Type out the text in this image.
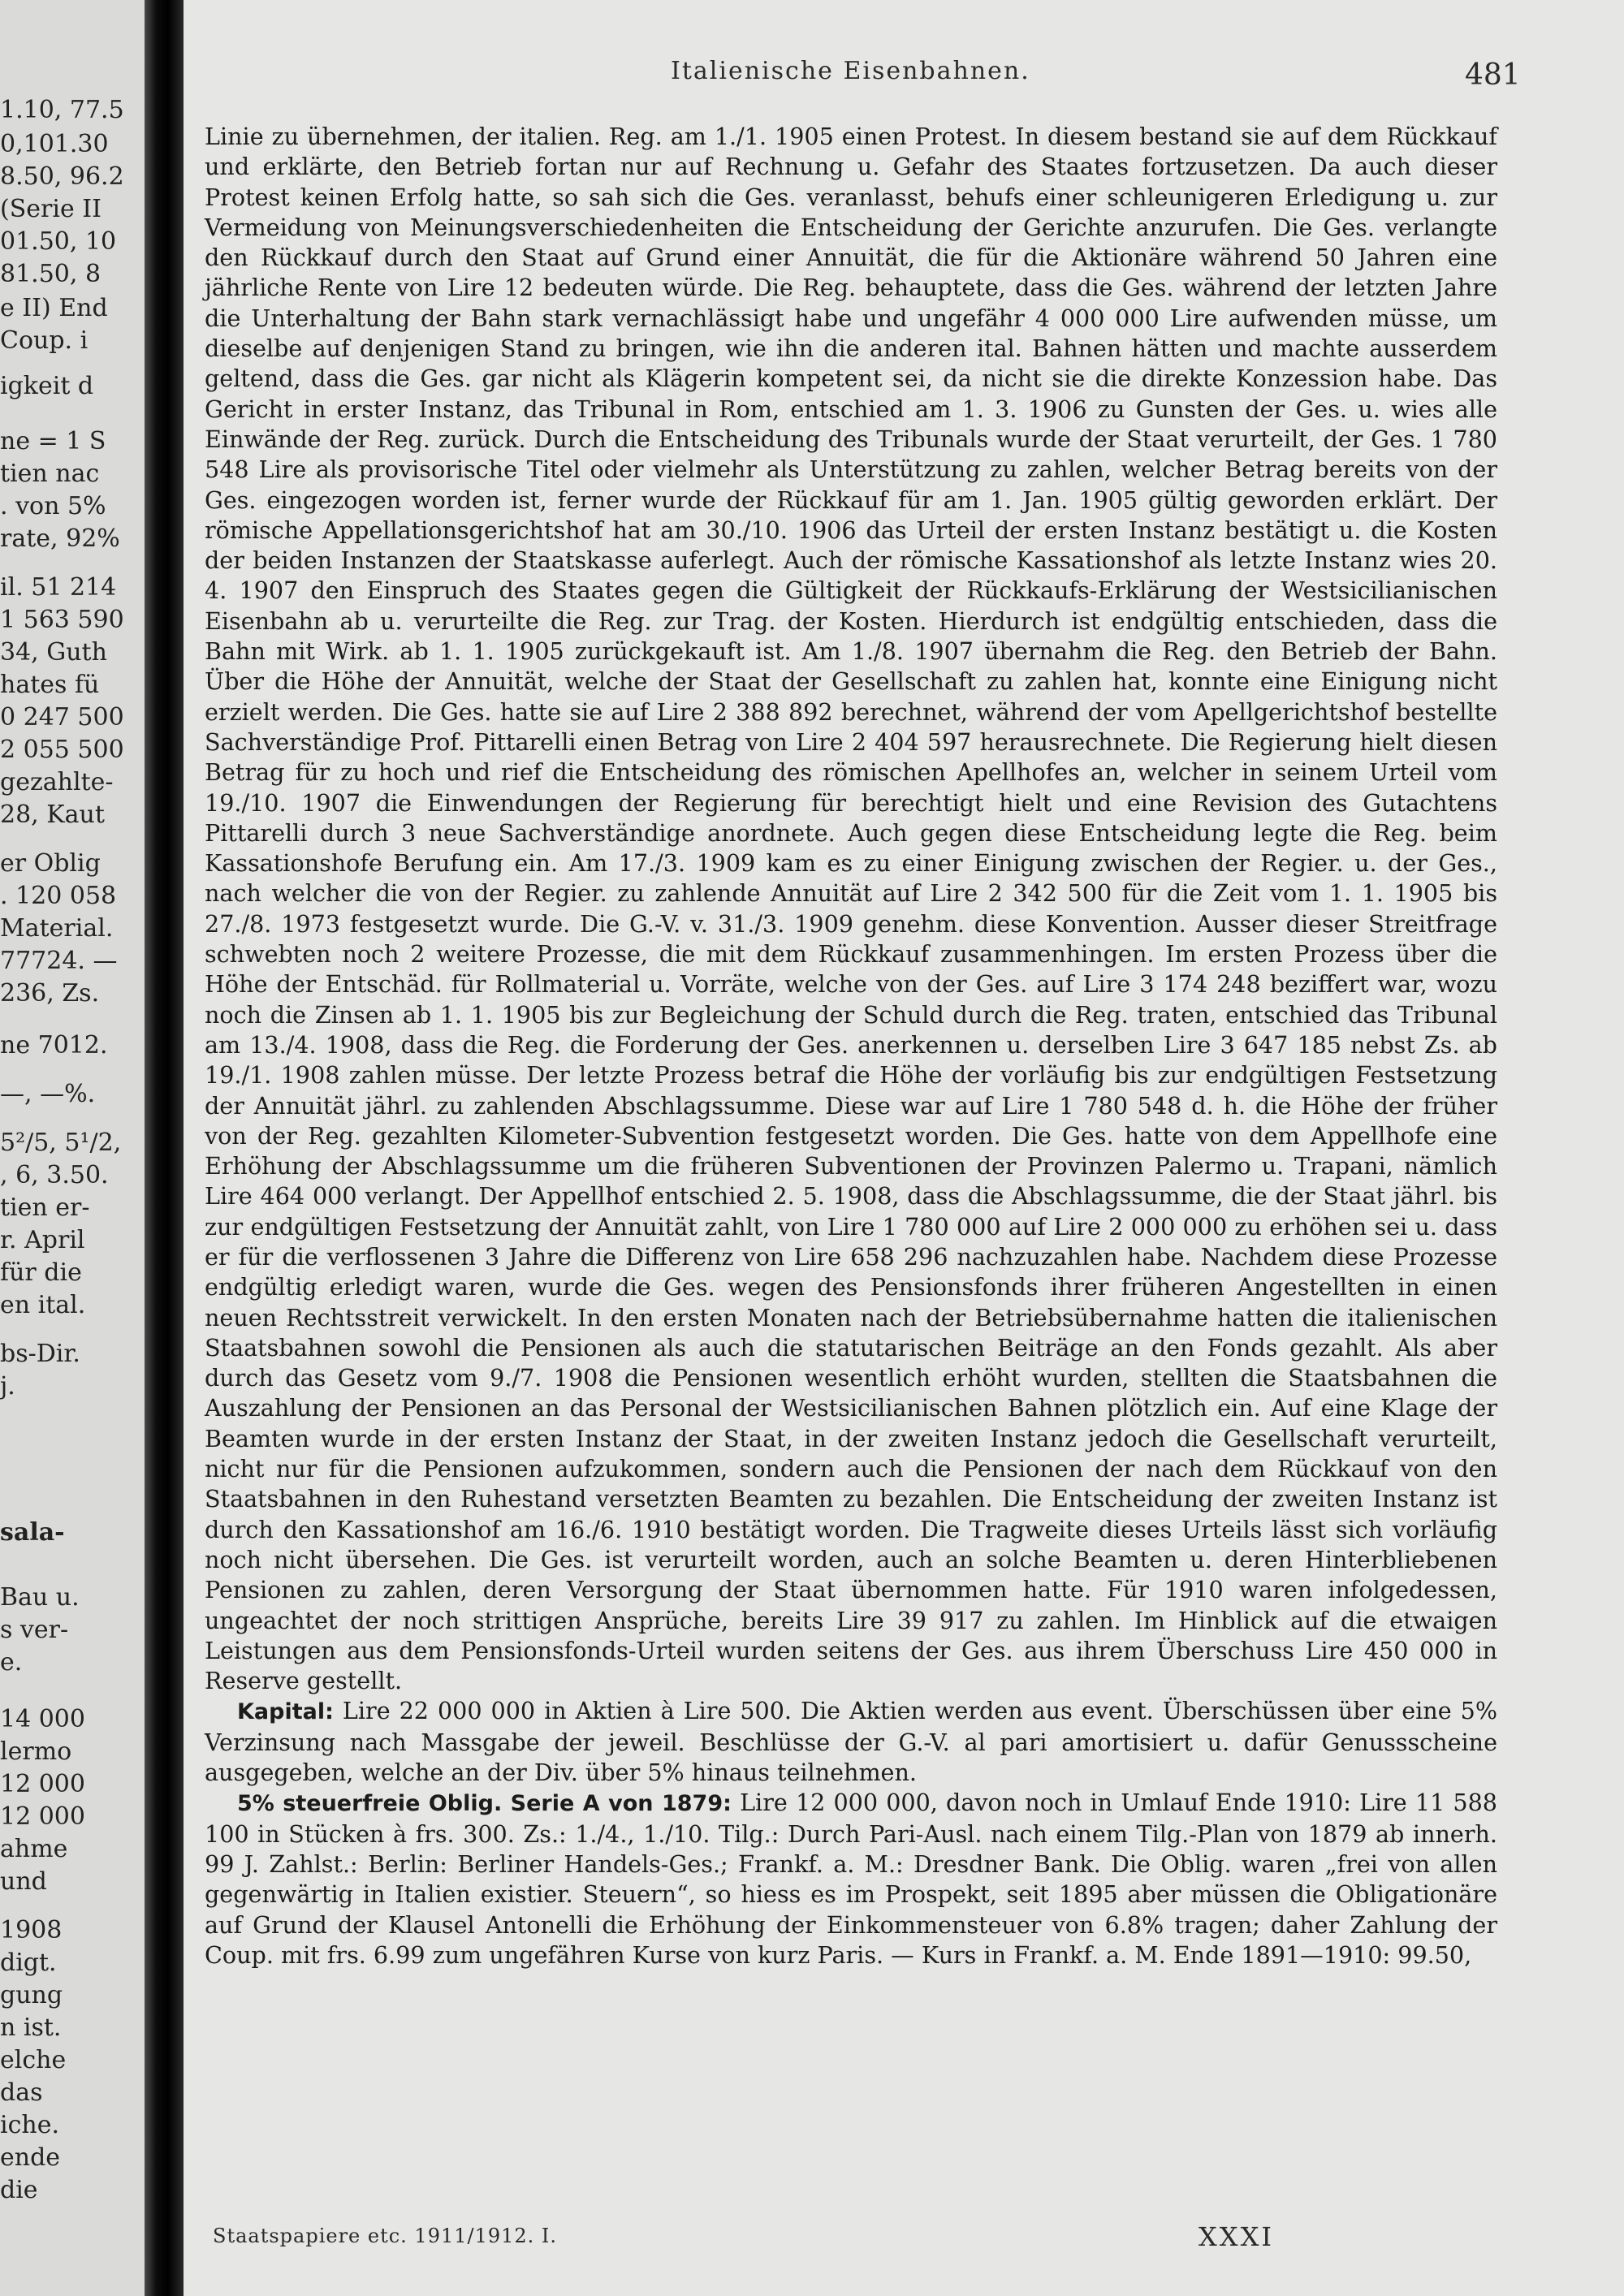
1.10, 77.5
0,101.30
8.50, 96.2
(Serie II
01.50, 10
81.50, 8
e II) End
Coup. i
igkeit d
ne = 1 S
tien nac
. von 5%
rate, 92%
il. 51 214
1 563 590
34, Guth
hates fü
0 247 500
2 055 500
gezahlte-
28, Kaut
er Oblig
. 120 058
Material.
77724. —
236, Zs.
ne 7012.
—, —%.
5²/5, 5¹/2,
, 6, 3.50.
tien er-
r. April
für die
en ital.
bs-Dir.
j.
sala-
Bau u.
s ver-
e.
14 000
lermo
12 000
12 000
ahme
und
1908
digt.
gung
n ist.
elche
das
iche.
ende
die
Italienische Eisenbahnen.	481

Linie zu übernehmen, der italien. Reg. am 1./1. 1905 einen Protest. In diesem bestand sie auf dem Rückkauf und erklärte, den Betrieb fortan nur auf Rechnung u. Gefahr des Staates fortzusetzen. Da auch dieser Protest keinen Erfolg hatte, so sah sich die Ges. veranlasst, behufs einer schleunigeren Erledigung u. zur Vermeidung von Meinungsverschiedenheiten die Entscheidung der Gerichte anzurufen. Die Ges. verlangte den Rückkauf durch den Staat auf Grund einer Annuität, die für die Aktionäre während 50 Jahren eine jährliche Rente von Lire 12 bedeuten würde. Die Reg. behauptete, dass die Ges. während der letzten Jahre die Unterhaltung der Bahn stark vernachlässigt habe und ungefähr 4 000 000 Lire aufwenden müsse, um dieselbe auf denjenigen Stand zu bringen, wie ihn die anderen ital. Bahnen hätten und machte ausserdem geltend, dass die Ges. gar nicht als Klägerin kompetent sei, da nicht sie die direkte Konzession habe. Das Gericht in erster Instanz, das Tribunal in Rom, entschied am 1. 3. 1906 zu Gunsten der Ges. u. wies alle Einwände der Reg. zurück. Durch die Entscheidung des Tribunals wurde der Staat verurteilt, der Ges. 1 780 548 Lire als provisorische Titel oder vielmehr als Unterstützung zu zahlen, welcher Betrag bereits von der Ges. eingezogen worden ist, ferner wurde der Rückkauf für am 1. Jan. 1905 gültig geworden erklärt. Der römische Appellationsgerichtshof hat am 30./10. 1906 das Urteil der ersten Instanz bestätigt u. die Kosten der beiden Instanzen der Staatskasse auferlegt. Auch der römische Kassationshof als letzte Instanz wies 20. 4. 1907 den Einspruch des Staates gegen die Gültigkeit der Rückkaufs-Erklärung der Westsicilianischen Eisenbahn ab u. verurteilte die Reg. zur Trag. der Kosten. Hierdurch ist endgültig entschieden, dass die Bahn mit Wirk. ab 1. 1. 1905 zurückgekauft ist. Am 1./8. 1907 übernahm die Reg. den Betrieb der Bahn. Über die Höhe der Annuität, welche der Staat der Gesellschaft zu zahlen hat, konnte eine Einigung nicht erzielt werden. Die Ges. hatte sie auf Lire 2 388 892 berechnet, während der vom Apellgerichtshof bestellte Sachverständige Prof. Pittarelli einen Betrag von Lire 2 404 597 herausrechnete. Die Regierung hielt diesen Betrag für zu hoch und rief die Entscheidung des römischen Apellhofes an, welcher in seinem Urteil vom 19./10. 1907 die Einwendungen der Regierung für berechtigt hielt und eine Revision des Gutachtens Pittarelli durch 3 neue Sachverständige anordnete. Auch gegen diese Entscheidung legte die Reg. beim Kassationshofe Berufung ein. Am 17./3. 1909 kam es zu einer Einigung zwischen der Regier. u. der Ges., nach welcher die von der Regier. zu zahlende Annuität auf Lire 2 342 500 für die Zeit vom 1. 1. 1905 bis 27./8. 1973 festgesetzt wurde. Die G.-V. v. 31./3. 1909 genehm. diese Konvention. Ausser dieser Streitfrage schwebten noch 2 weitere Prozesse, die mit dem Rückkauf zusammenhingen. Im ersten Prozess über die Höhe der Entschäd. für Rollmaterial u. Vorräte, welche von der Ges. auf Lire 3 174 248 beziffert war, wozu noch die Zinsen ab 1. 1. 1905 bis zur Begleichung der Schuld durch die Reg. traten, entschied das Tribunal am 13./4. 1908, dass die Reg. die Forderung der Ges. anerkennen u. derselben Lire 3 647 185 nebst Zs. ab 19./1. 1908 zahlen müsse. Der letzte Prozess betraf die Höhe der vorläufig bis zur endgültigen Festsetzung der Annuität jährl. zu zahlenden Abschlagssumme. Diese war auf Lire 1 780 548 d. h. die Höhe der früher von der Reg. gezahlten Kilometer-Subvention festgesetzt worden. Die Ges. hatte von dem Appellhofe eine Erhöhung der Abschlagssumme um die früheren Subventionen der Provinzen Palermo u. Trapani, nämlich Lire 464 000 verlangt. Der Appellhof entschied 2. 5. 1908, dass die Abschlagssumme, die der Staat jährl. bis zur endgültigen Festsetzung der Annuität zahlt, von Lire 1 780 000 auf Lire 2 000 000 zu erhöhen sei u. dass er für die verflossenen 3 Jahre die Differenz von Lire 658 296 nachzuzahlen habe. Nachdem diese Prozesse endgültig erledigt waren, wurde die Ges. wegen des Pensionsfonds ihrer früheren Angestellten in einen neuen Rechtsstreit verwickelt. In den ersten Monaten nach der Betriebsübernahme hatten die italienischen Staatsbahnen sowohl die Pensionen als auch die statutarischen Beiträge an den Fonds gezahlt. Als aber durch das Gesetz vom 9./7. 1908 die Pensionen wesentlich erhöht wurden, stellten die Staatsbahnen die Auszahlung der Pensionen an das Personal der Westsicilianischen Bahnen plötzlich ein. Auf eine Klage der Beamten wurde in der ersten Instanz der Staat, in der zweiten Instanz jedoch die Gesellschaft verurteilt, nicht nur für die Pensionen aufzukommen, sondern auch die Pensionen der nach dem Rückkauf von den Staatsbahnen in den Ruhestand versetzten Beamten zu bezahlen. Die Entscheidung der zweiten Instanz ist durch den Kassationshof am 16./6. 1910 bestätigt worden. Die Tragweite dieses Urteils lässt sich vorläufig noch nicht übersehen. Die Ges. ist verurteilt worden, auch an solche Beamten u. deren Hinterbliebenen Pensionen zu zahlen, deren Versorgung der Staat übernommen hatte. Für 1910 waren infolgedessen, ungeachtet der noch strittigen Ansprüche, bereits Lire 39 917 zu zahlen. Im Hinblick auf die etwaigen Leistungen aus dem Pensionsfonds-Urteil wurden seitens der Ges. aus ihrem Überschuss Lire 450 000 in Reserve gestellt.

Kapital: Lire 22 000 000 in Aktien à Lire 500. Die Aktien werden aus event. Überschüssen über eine 5% Verzinsung nach Massgabe der jeweil. Beschlüsse der G.-V. al pari amortisiert u. dafür Genussscheine ausgegeben, welche an der Div. über 5% hinaus teilnehmen.

5% steuerfreie Oblig. Serie A von 1879: Lire 12 000 000, davon noch in Umlauf Ende 1910: Lire 11 588 100 in Stücken à frs. 300. Zs.: 1./4., 1./10. Tilg.: Durch Pari-Ausl. nach einem Tilg.-Plan von 1879 ab innerh. 99 J. Zahlst.: Berlin: Berliner Handels-Ges.; Frankf. a. M.: Dresdner Bank. Die Oblig. waren „frei von allen gegenwärtig in Italien existier. Steuern“, so hiess es im Prospekt, seit 1895 aber müssen die Obligationäre auf Grund der Klausel Antonelli die Erhöhung der Einkommensteuer von 6.8% tragen; daher Zahlung der Coup. mit frs. 6.99 zum ungefähren Kurse von kurz Paris. — Kurs in Frankf. a. M. Ende 1891—1910: 99.50,

Staatspapiere etc. 1911/1912. I.	XXXI
